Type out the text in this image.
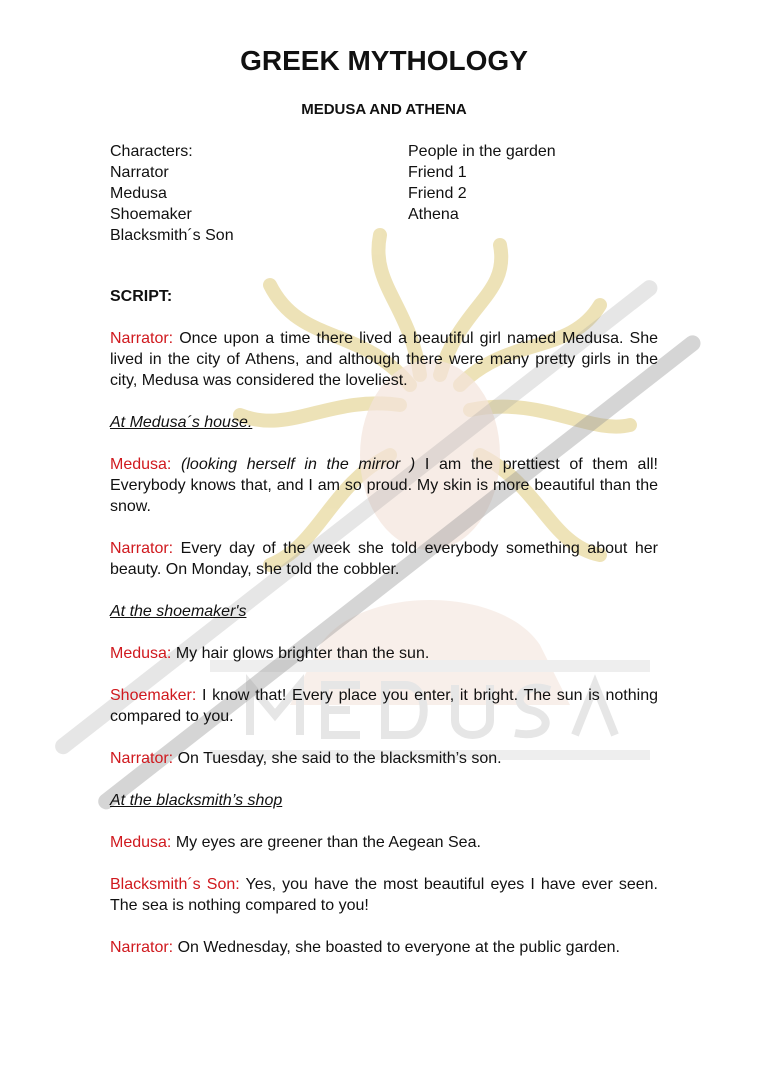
GREEK MYTHOLOGY
MEDUSA AND ATHENA
Characters:
Narrator
Medusa
Shoemaker
Blacksmith´s Son
People in the garden
Friend 1
Friend 2
Athena
SCRIPT:
Narrator: Once upon a time there lived a beautiful girl named Medusa. She lived in the city of Athens, and although there were many pretty girls in the city, Medusa was considered the loveliest.
At Medusa´s house.
Medusa: (looking herself in the mirror ) I am the prettiest of them all! Everybody knows that, and I am so proud. My skin is more beautiful than the snow.
Narrator: Every day of the week she told everybody something about her beauty. On Monday, she told the cobbler.
At the shoemaker's
Medusa: My hair glows brighter than the sun.
Shoemaker: I know that! Every place you enter, it bright. The sun is nothing compared to you.
Narrator: On Tuesday, she said to the blacksmith’s son.
At the blacksmith’s shop
Medusa: My eyes are greener than the Aegean Sea.
Blacksmith´s Son: Yes, you have the most beautiful eyes I have ever seen. The sea is nothing compared to you!
Narrator: On Wednesday, she boasted to everyone at the public garden.
